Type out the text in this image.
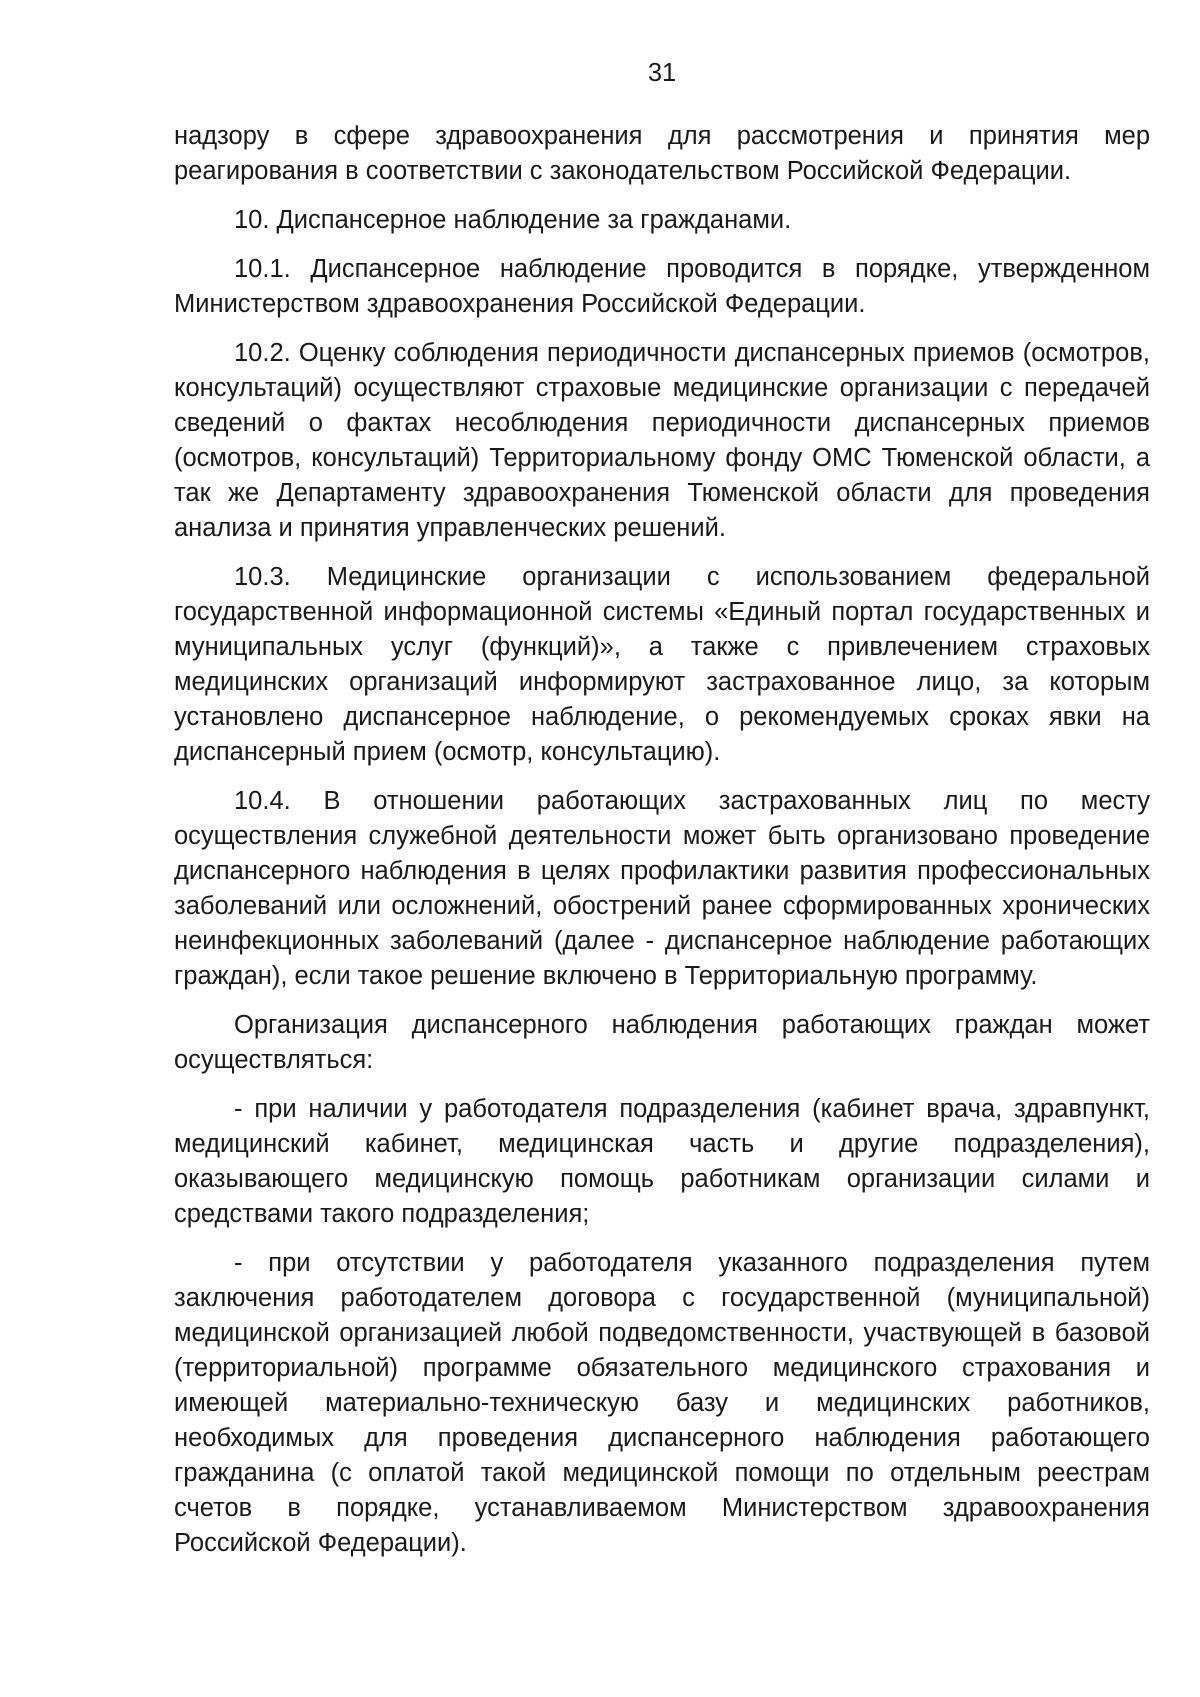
31

надзору в сфере здравоохранения для рассмотрения и принятия мер реагирования в соответствии с законодательством Российской Федерации.

10. Диспансерное наблюдение за гражданами.

10.1. Диспансерное наблюдение проводится в порядке, утвержденном Министерством здравоохранения Российской Федерации.

10.2. Оценку соблюдения периодичности диспансерных приемов (осмотров, консультаций) осуществляют страховые медицинские организации с передачей сведений о фактах несоблюдения периодичности диспансерных приемов (осмотров, консультаций) Территориальному фонду ОМС Тюменской области, а так же Департаменту здравоохранения Тюменской области для проведения анализа и принятия управленческих решений.

10.3. Медицинские организации с использованием федеральной государственной информационной системы «Единый портал государственных и муниципальных услуг (функций)», а также с привлечением страховых медицинских организаций информируют застрахованное лицо, за которым установлено диспансерное наблюдение, о рекомендуемых сроках явки на диспансерный прием (осмотр, консультацию).

10.4. В отношении работающих застрахованных лиц по месту осуществления служебной деятельности может быть организовано проведение диспансерного наблюдения в целях профилактики развития профессиональных заболеваний или осложнений, обострений ранее сформированных хронических неинфекционных заболеваний (далее - диспансерное наблюдение работающих граждан), если такое решение включено в Территориальную программу.

Организация диспансерного наблюдения работающих граждан может осуществляться:

- при наличии у работодателя подразделения (кабинет врача, здравпункт, медицинский кабинет, медицинская часть и другие подразделения), оказывающего медицинскую помощь работникам организации силами и средствами такого подразделения;

- при отсутствии у работодателя указанного подразделения путем заключения работодателем договора с государственной (муниципальной) медицинской организацией любой подведомственности, участвующей в базовой (территориальной) программе обязательного медицинского страхования и имеющей материально-техническую базу и медицинских работников, необходимых для проведения диспансерного наблюдения работающего гражданина (с оплатой такой медицинской помощи по отдельным реестрам счетов в порядке, устанавливаемом Министерством здравоохранения Российской Федерации).
